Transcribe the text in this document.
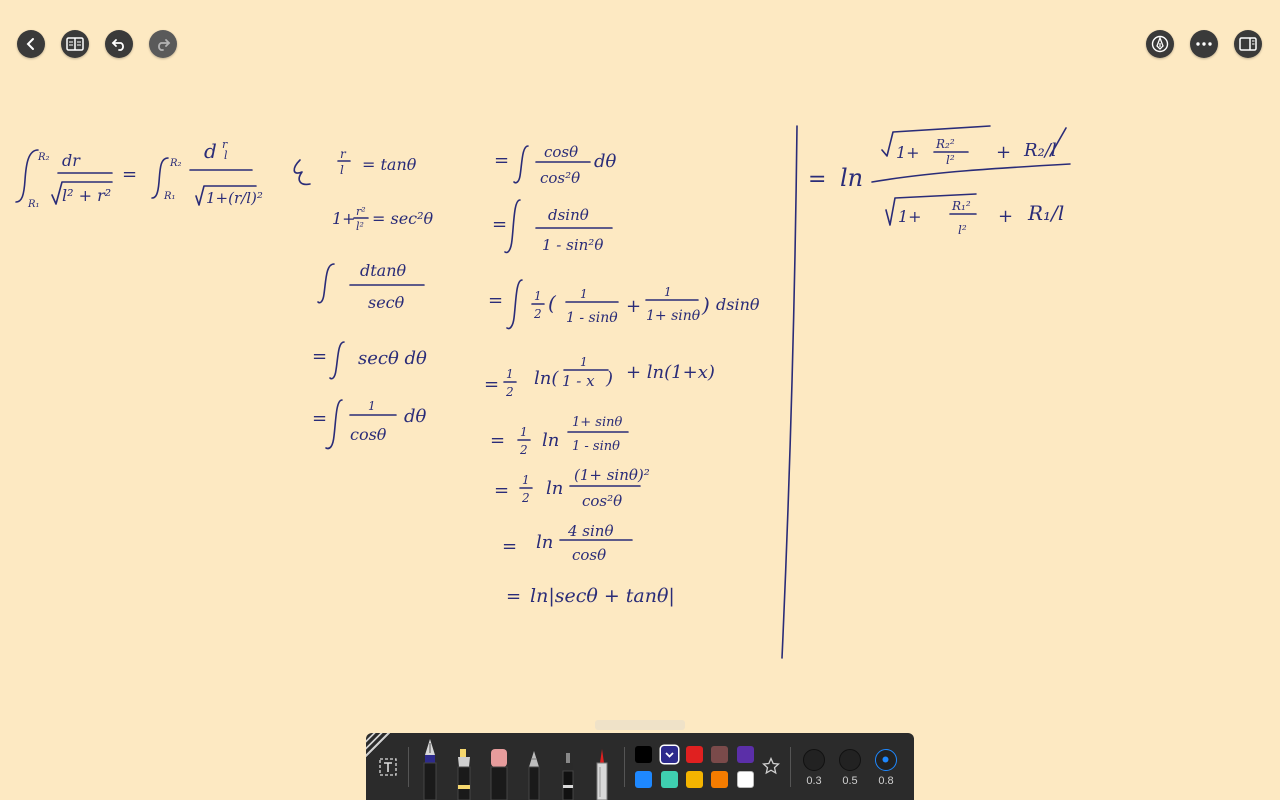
R₂
R₁
dr
l² + r²
=
R₂
R₁
d r
l
1+(r/l)²
r
l = tanθ
1+ r²
l² = sec²θ
dtanθ
secθ
= secθ dθ
=
1
cosθ
dθ
= cosθ
cos²θ
dθ
=	dsinθ
1 - sin²θ
=	1
2 ( 1
1 - sinθ
+
1
1+ sinθ ) dsinθ
= 1
2
ln(
1
1 - x ) + ln(1+x)
= 1
2 ln
1+ sinθ
1 - sinθ
= 1
2 ln
(1+ sinθ)²
cos²θ
= ln
4 sinθ
cosθ
= ln|secθ + tanθ|
= ln
1+ R₂²
l² + R₂/l
1+
R₁²
l²
+ R₁/l
0.3	0.5	0.8
